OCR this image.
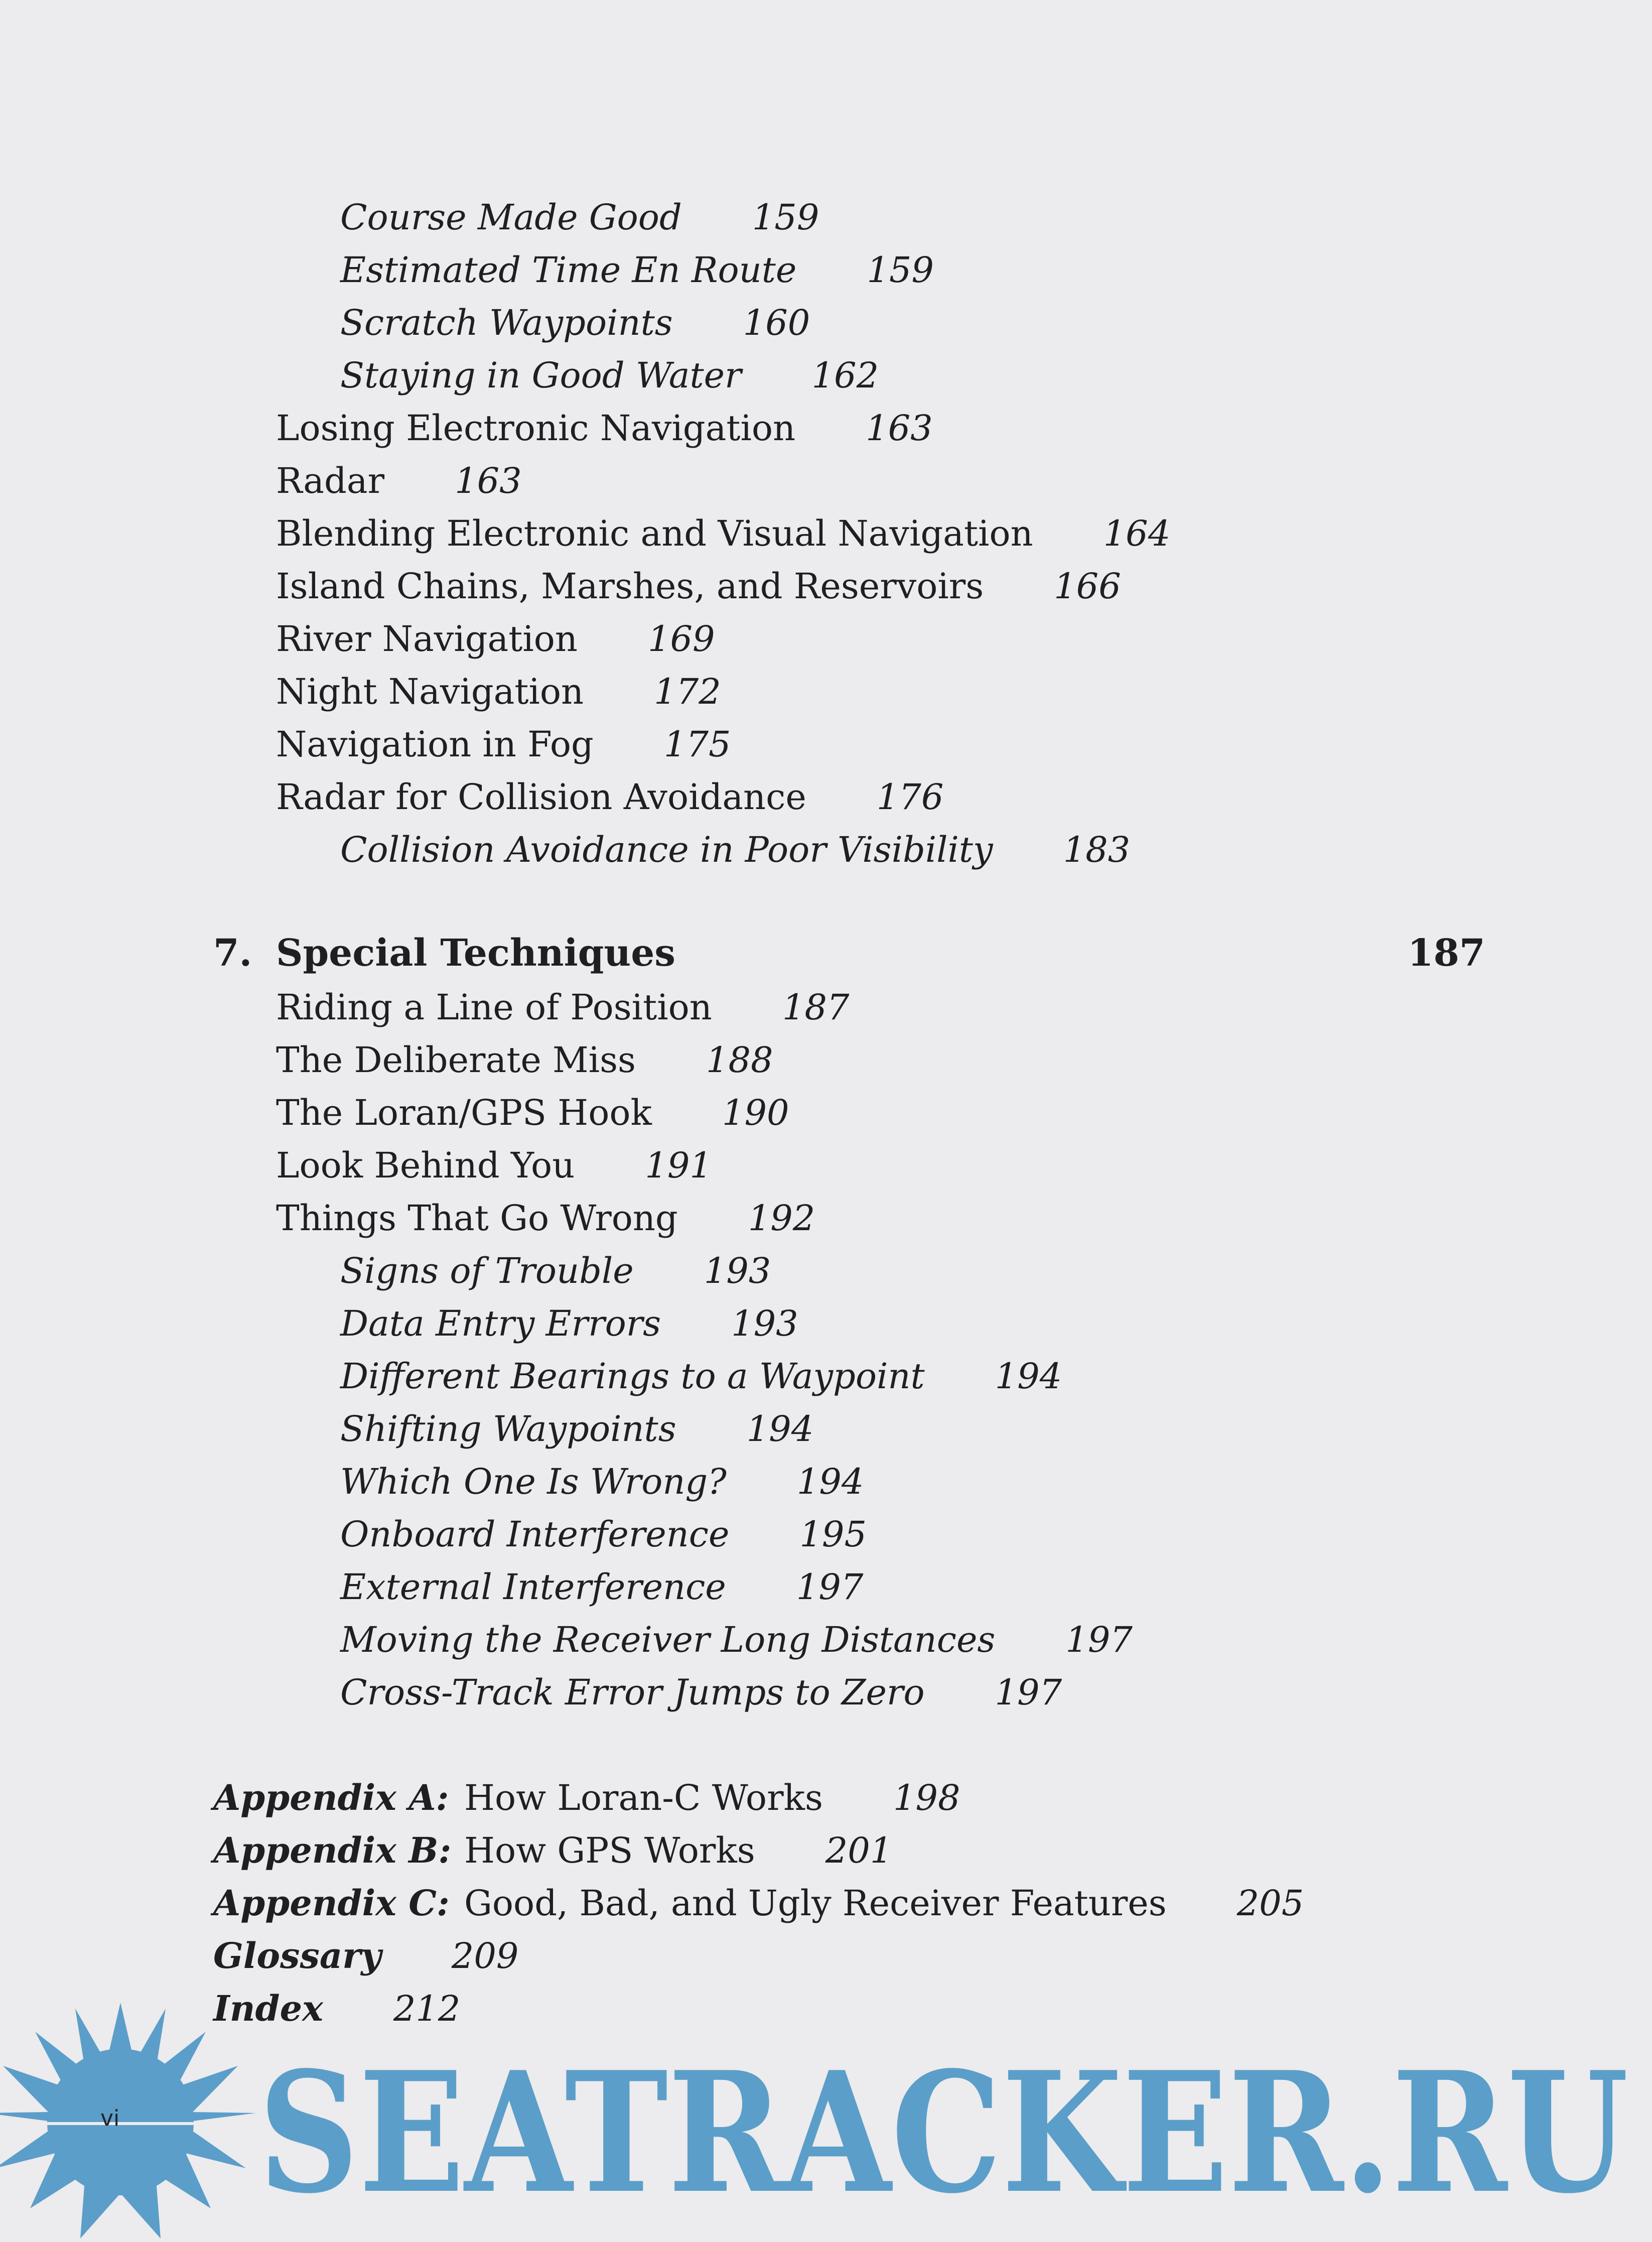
Course Made Good 159
Estimated Time En Route 159
Scratch Waypoints 160
Staying in Good Water 162
Losing Electronic Navigation 163
Radar 163
Blending Electronic and Visual Navigation 164
Island Chains, Marshes, and Reservoirs 166
River Navigation 169
Night Navigation 172
Navigation in Fog 175
Radar for Collision Avoidance 176
Collision Avoidance in Poor Visibility 183
7. Special Techniques	187
Riding a Line of Position 187
The Deliberate Miss 188
The Loran/GPS Hook 190
Look Behind You 191
Things That Go Wrong 192
Signs of Trouble 193
Data Entry Errors 193
Different Bearings to a Waypoint 194
Shifting Waypoints 194
Which One Is Wrong? 194
Onboard Interference 195
External Interference 197
Moving the Receiver Long Distances 197
Cross-Track Error Jumps to Zero 197
Appendix A: How Loran-C Works 198
Appendix B: How GPS Works 201
Appendix C: Good, Bad, and Ugly Receiver Features 205
Glossary 209
Index 212
SEATRACKER.RU
vi
